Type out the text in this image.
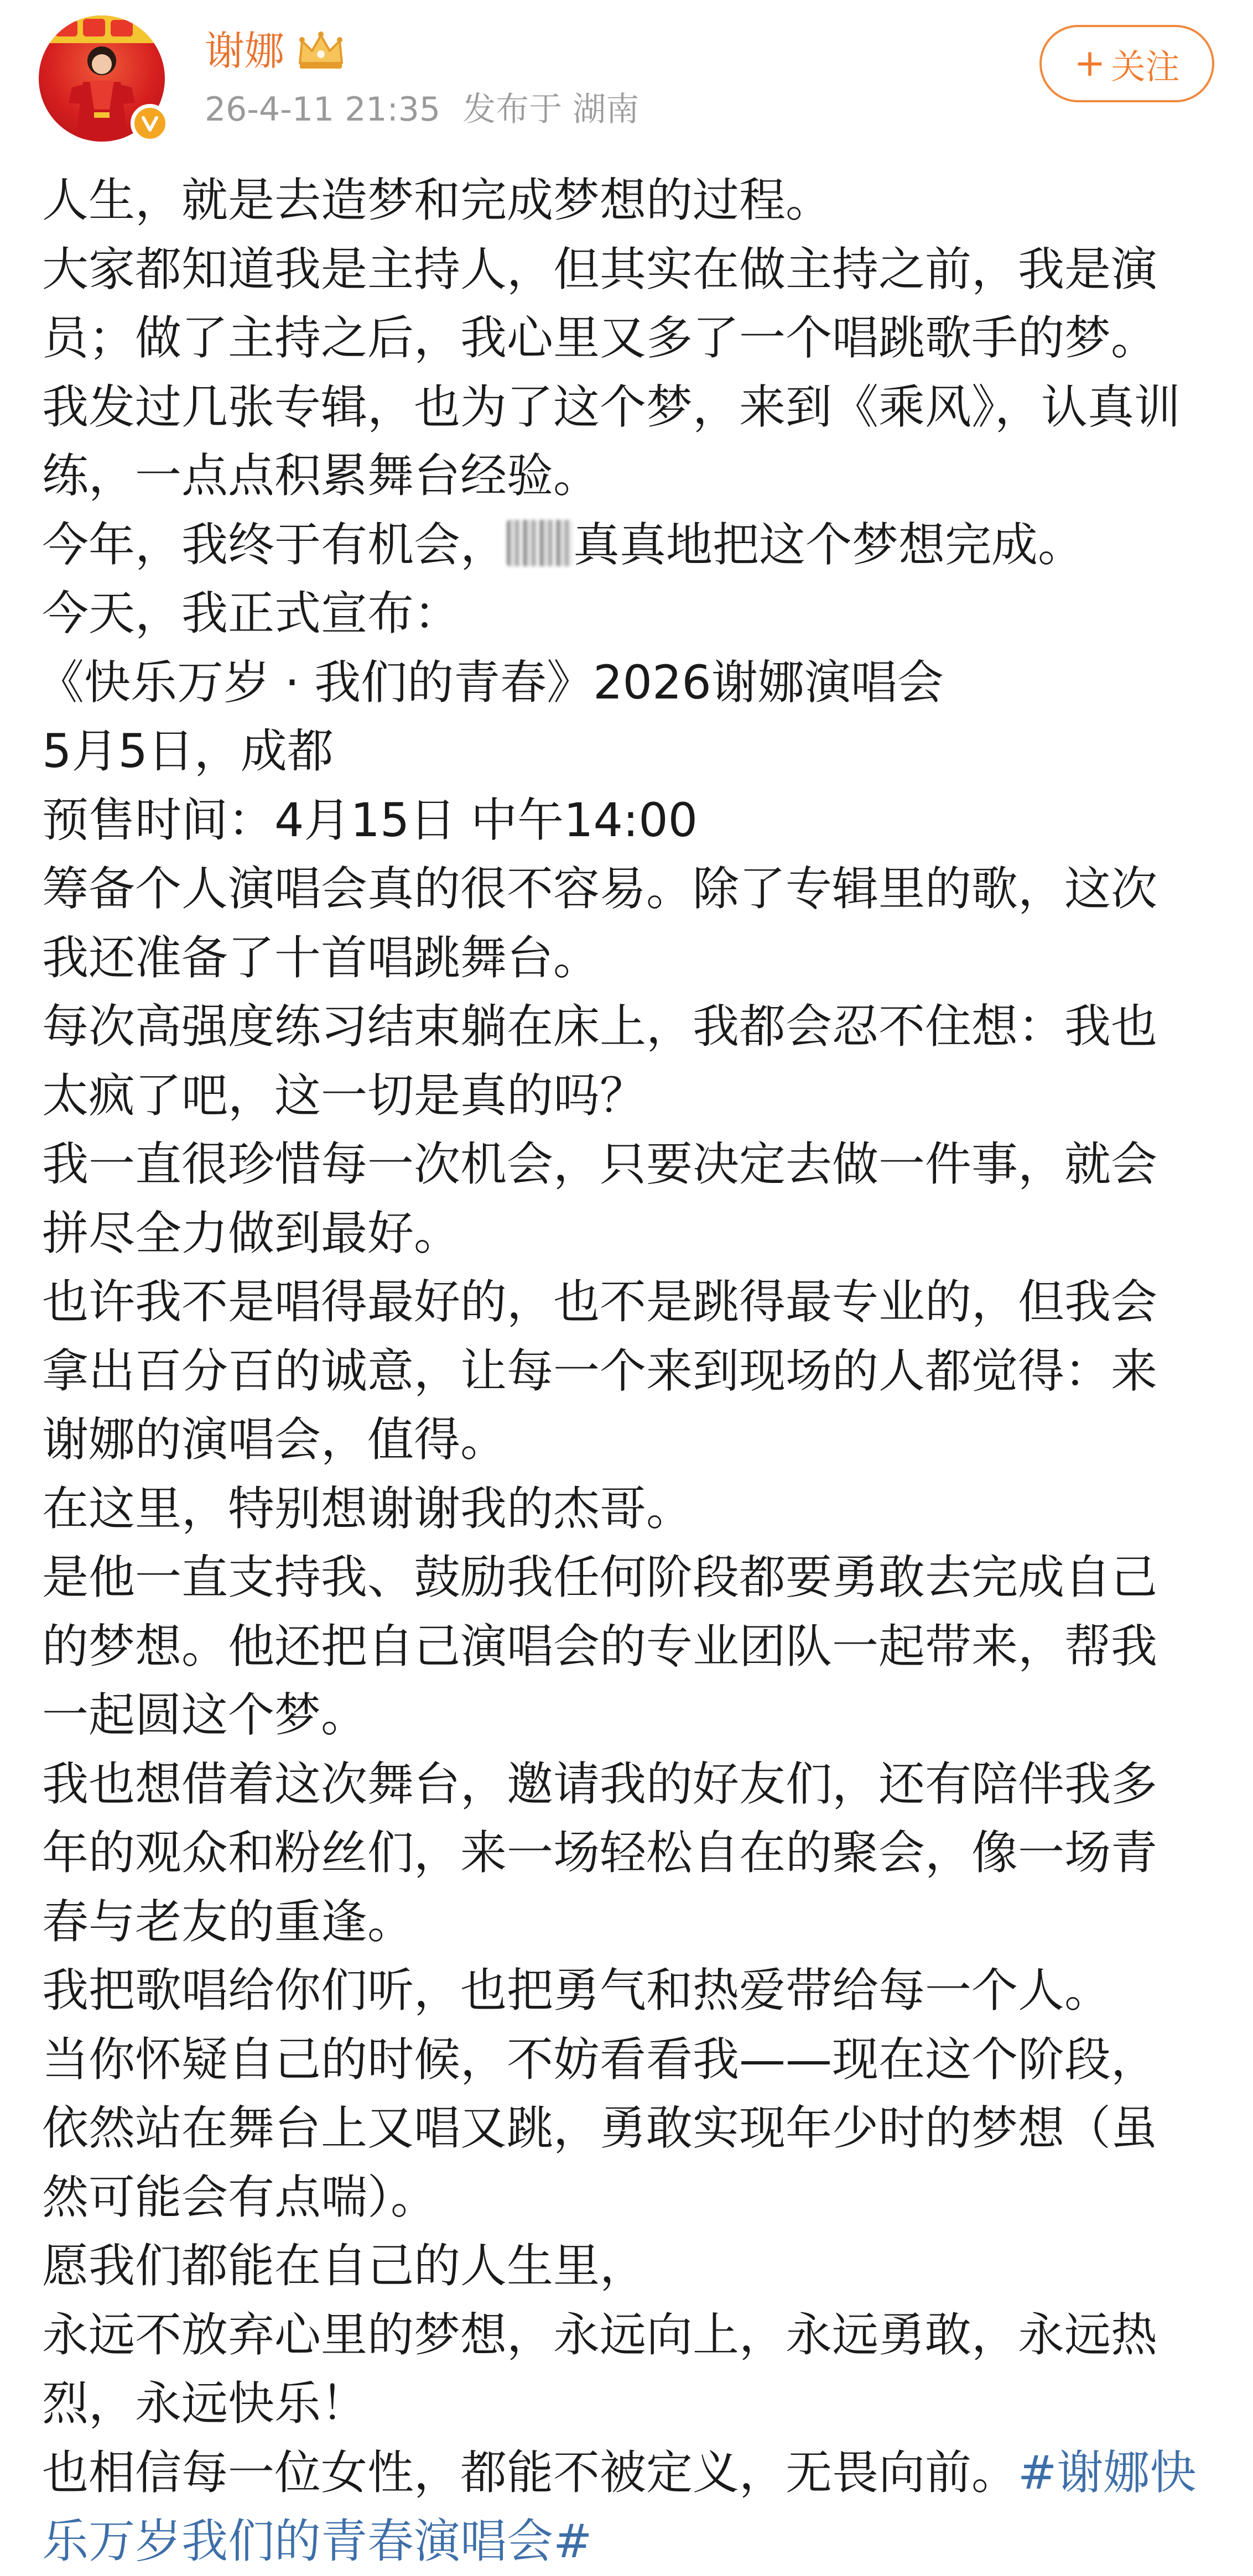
谢娜
26-4-11 21:35 发布于 湖南
+ 关注
人生，就是去造梦和完成梦想的过程。
大家都知道我是主持人，但其实在做主持之前，我是演
员；做了主持之后，我心里又多了一个唱跳歌手的梦。
我发过几张专辑，也为了这个梦，来到《乘风》，认真训
练，一点点积累舞台经验。
今年，我终于有机会， 真真地把这个梦想完成。
今天，我正式宣布：
《快乐万岁 · 我们的青春》2026谢娜演唱会
5月5日，成都
预售时间：4月15日 中午14:00
筹备个人演唱会真的很不容易。除了专辑里的歌，这次
我还准备了十首唱跳舞台。
每次高强度练习结束躺在床上，我都会忍不住想：我也
太疯了吧，这一切是真的吗？
我一直很珍惜每一次机会，只要决定去做一件事，就会
拼尽全力做到最好。
也许我不是唱得最好的，也不是跳得最专业的，但我会
拿出百分百的诚意，让每一个来到现场的人都觉得：来
谢娜的演唱会，值得。
在这里，特别想谢谢我的杰哥。
是他一直支持我、鼓励我任何阶段都要勇敢去完成自己
的梦想。他还把自己演唱会的专业团队一起带来，帮我
一起圆这个梦。
我也想借着这次舞台，邀请我的好友们，还有陪伴我多
年的观众和粉丝们，来一场轻松自在的聚会，像一场青
春与老友的重逢。
我把歌唱给你们听，也把勇气和热爱带给每一个人。
当你怀疑自己的时候，不妨看看我——现在这个阶段，
依然站在舞台上又唱又跳，勇敢实现年少时的梦想（虽
然可能会有点喘）。
愿我们都能在自己的人生里，
永远不放弃心里的梦想，永远向上，永远勇敢，永远热
烈，永远快乐！
也相信每一位女性，都能不被定义，无畏向前。#谢娜快
乐万岁我们的青春演唱会#
